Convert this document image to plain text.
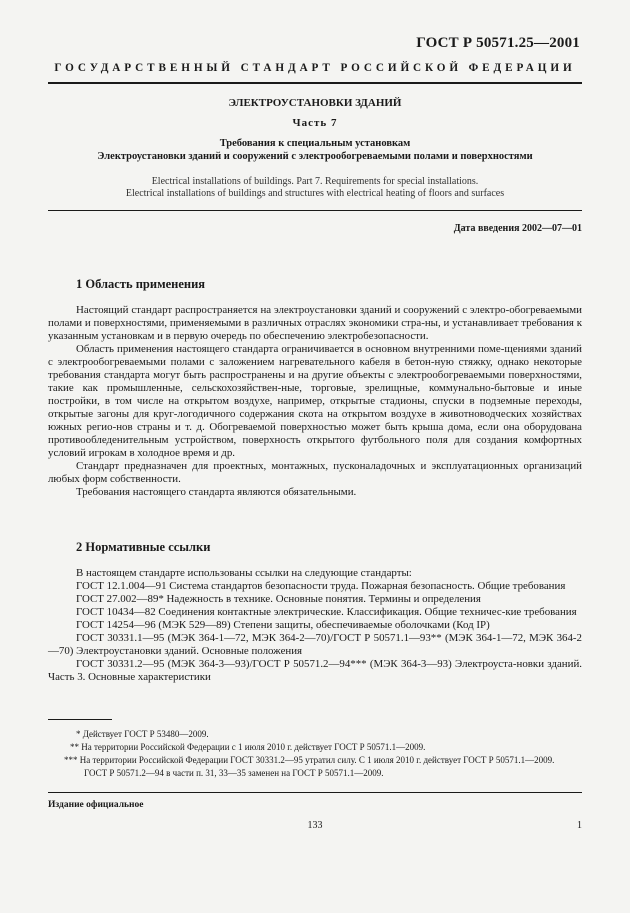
ГОСТ Р 50571.25—2001
ГОСУДАРСТВЕННЫЙ СТАНДАРТ РОССИЙСКОЙ ФЕДЕРАЦИИ
ЭЛЕКТРОУСТАНОВКИ ЗДАНИЙ
Часть 7
Требования к специальным установкам
Электроустановки зданий и сооружений с электрообогреваемыми полами и поверхностями
Electrical installations of buildings. Part 7. Requirements for special installations.
Electrical installations of buildings and structures with electrical heating of floors and surfaces
Дата введения 2002—07—01
1 Область применения

Настоящий стандарт распространяется на электроустановки зданий и сооружений с электро-обогреваемыми полами и поверхностями, применяемыми в различных отраслях экономики стра-ны, и устанавливает требования к указанным установкам и в первую очередь по обеспечению электробезопасности.

Область применения настоящего стандарта ограничивается в основном внутренними поме-щениями зданий с электрообогреваемыми полами с заложением нагревательного кабеля в бетон-ную стяжку, однако некоторые требования стандарта могут быть распространены и на другие объекты с электрообогреваемыми поверхностями, такие как промышленные, сельскохозяйствен-ные, торговые, зрелищные, коммунально-бытовые и иные постройки, в том числе на открытом воздухе, например, открытые стадионы, спуски в подземные переходы, открытые загоны для круг-логодичного содержания скота на открытом воздухе в животноводческих хозяйствах южных регио-нов страны и т. д. Обогреваемой поверхностью может быть крыша дома, если она оборудована противообледенительным устройством, поверхность открытого футбольного поля для создания комфортных условий игрокам в холодное время и др.

Стандарт предназначен для проектных, монтажных, пусконаладочных и эксплуатационных организаций любых форм собственности.

Требования настоящего стандарта являются обязательными.

2 Нормативные ссылки

В настоящем стандарте использованы ссылки на следующие стандарты:

ГОСТ 12.1.004—91 Система стандартов безопасности труда. Пожарная безопасность. Общие требования
ГОСТ 27.002—89* Надежность в технике. Основные понятия. Термины и определения
ГОСТ 10434—82 Соединения контактные электрические. Классификация. Общие техничес-кие требования
ГОСТ 14254—96 (МЭК 529—89) Степени защиты, обеспечиваемые оболочками (Код IP)
ГОСТ 30331.1—95 (МЭК 364-1—72, МЭК 364-2—70)/ГОСТ Р 50571.1—93** (МЭК 364-1—72, МЭК 364-2—70) Электроустановки зданий. Основные положения
ГОСТ 30331.2—95 (МЭК 364-3—93)/ГОСТ Р 50571.2—94*** (МЭК 364-3—93) Электроуста-новки зданий. Часть 3. Основные характеристики
* Действует ГОСТ Р 53480—2009.
** На территории Российской Федерации с 1 июля 2010 г. действует ГОСТ Р 50571.1—2009.
*** На территории Российской Федерации ГОСТ 30331.2—95 утратил силу. С 1 июля 2010 г. действует ГОСТ Р 50571.1—2009.
ГОСТ Р 50571.2—94 в части п. 31, 33—35 заменен на ГОСТ Р 50571.1—2009.
Издание официальное
133	1
